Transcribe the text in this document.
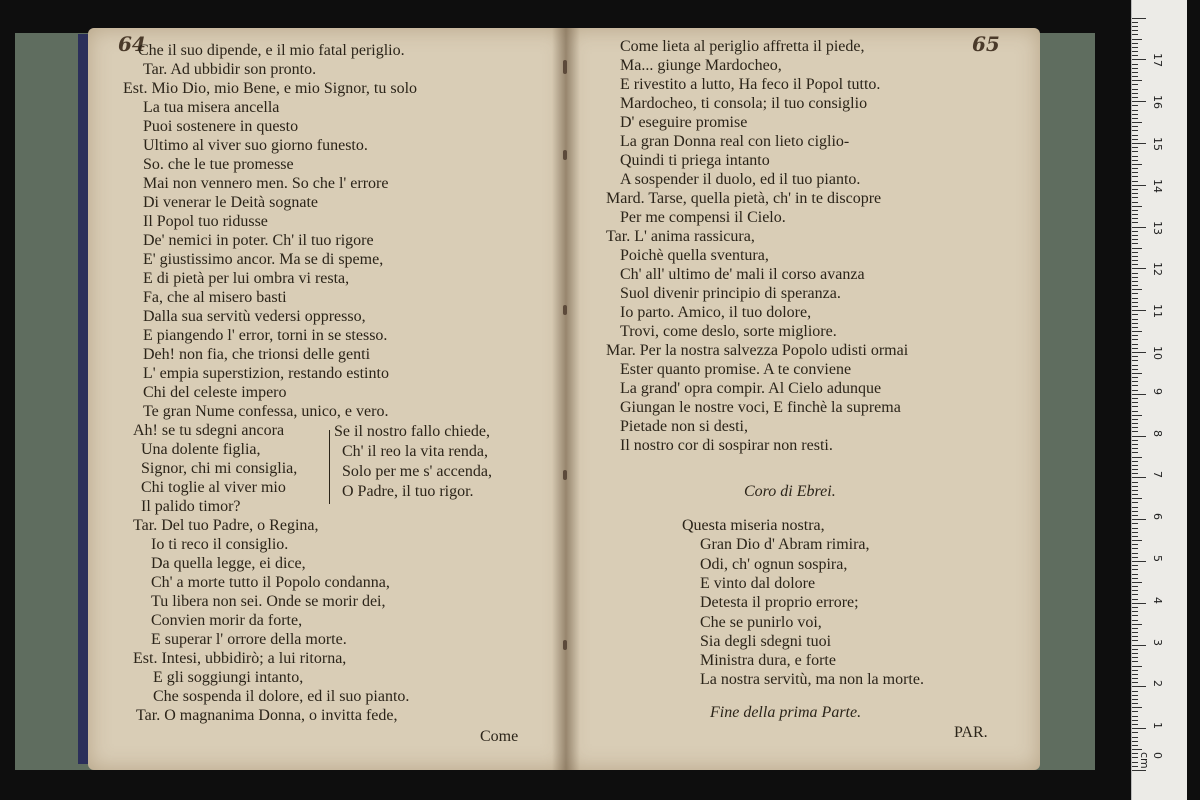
64	65
Fine della prima Parte.
Coro di Ebrei.
Come	PAR.
0 cm
1
2
3
4
5
6
7
8
9
10
11
12
13
14
15
16
17
Che il suo dipende, e il mio fatal periglio.
Tar. Ad ubbidir son pronto.
Est. Mio Dio, mio Bene, e mio Signor, tu solo
La tua misera ancella
Puoi sostenere in questo
Ultimo al viver suo giorno funesto.
So. che le tue promesse
Mai non vennero men. So che l' errore
Di venerar le Deità sognate
Il Popol tuo ridusse
De' nemici in poter. Ch' il tuo rigore
E' giustissimo ancor. Ma se di speme,
E di pietà per lui ombra vi resta,
Fa, che al misero basti
Dalla sua servitù vedersi oppresso,
E piangendo l' error, torni in se stesso.
Deh! non fia, che trionsi delle genti
L' empia superstizion, restando estinto
Chi del celeste impero
Te gran Nume confessa, unico, e vero.
Ah! se tu sdegni ancora
Una dolente figlia,
Signor, chi mi consiglia,
Chi toglie al viver mio
Il palido timor?
Tar. Del tuo Padre, o Regina,
Io ti reco il consiglio.
Da quella legge, ei dice,
Ch' a morte tutto il Popolo condanna,
Tu libera non sei. Onde se morir dei,
Convien morir da forte,
E superar l' orrore della morte.
Est. Intesi, ubbidirò; a lui ritorna,
E gli soggiungi intanto,
Che sospenda il dolore, ed il suo pianto.
Tar. O magnanima Donna, o invitta fede,
Se il nostro fallo chiede,
Ch' il reo la vita renda,
Solo per me s' accenda,
O Padre, il tuo rigor.
Come lieta al periglio affretta il piede,
Ma... giunge Mardocheo,
E rivestito a lutto, Ha feco il Popol tutto.
Mardocheo, ti consola; il tuo consiglio
D' eseguire promise
La gran Donna real con lieto ciglio-
Quindi ti priega intanto
A sospender il duolo, ed il tuo pianto.
Mard. Tarse, quella pietà, ch' in te discopre
Per me compensi il Cielo.
Tar. L' anima rassicura,
Poichè quella sventura,
Ch' all' ultimo de' mali il corso avanza
Suol divenir principio di speranza.
Io parto. Amico, il tuo dolore,
Trovi, come deslo, sorte migliore.
Mar. Per la nostra salvezza Popolo udisti ormai
Ester quanto promise. A te conviene
La grand' opra compir. Al Cielo adunque
Giungan le nostre voci, E finchè la suprema
Pietade non si desti,
Il nostro cor di sospirar non resti.
Questa miseria nostra,
Gran Dio d' Abram rimira,
Odi, ch' ognun sospira,
E vinto dal dolore
Detesta il proprio errore;
Che se punirlo voi,
Sia degli sdegni tuoi
Ministra dura, e forte
La nostra servitù, ma non la morte.
